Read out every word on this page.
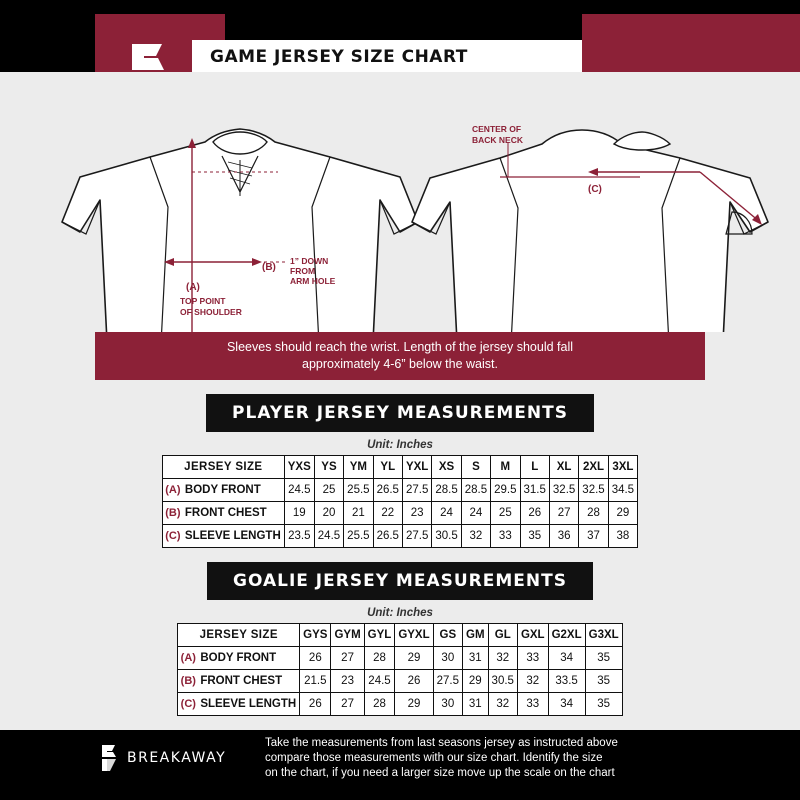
GAME JERSEY SIZE CHART
(A)
(B)
TOP POINT
OF SHOULDER
1” DOWN
FROM
ARM HOLE
(C)
CENTER OF
BACK NECK
Sleeves should reach the wrist. Length of the jersey should fall
approximately 4-6” below the waist.
PLAYER JERSEY MEASUREMENTS
Unit: Inches
JERSEY SIZE		YXS	YS	YM	YL	YXL	XS	S	M	L	XL	2XL	3XL
(A)	BODY FRONT	24.5	25	25.5	26.5	27.5	28.5	28.5	29.5	31.5	32.5	32.5	34.5
(B)	FRONT CHEST	19	20	21	22	23	24	24	25	26	27	28	29
(C)	SLEEVE LENGTH	23.5	24.5	25.5	26.5	27.5	30.5	32	33	35	36	37	38
GOALIE JERSEY MEASUREMENTS
Unit: Inches
JERSEY SIZE		GYS	GYM	GYL	GYXL	GS	GM	GL	GXL	G2XL	G3XL
(A)	BODY FRONT	26	27	28	29	30	31	32	33	34	35
(B)	FRONT CHEST	21.5	23	24.5	26	27.5	29	30.5	32	33.5	35
(C)	SLEEVE LENGTH	26	27	28	29	30	31	32	33	34	35
BREAKAWAY
Take the measurements from last seasons jersey as instructed above
compare those measurements with our size chart. Identify the size
on the chart, if you need a larger size move up the scale on the chart
